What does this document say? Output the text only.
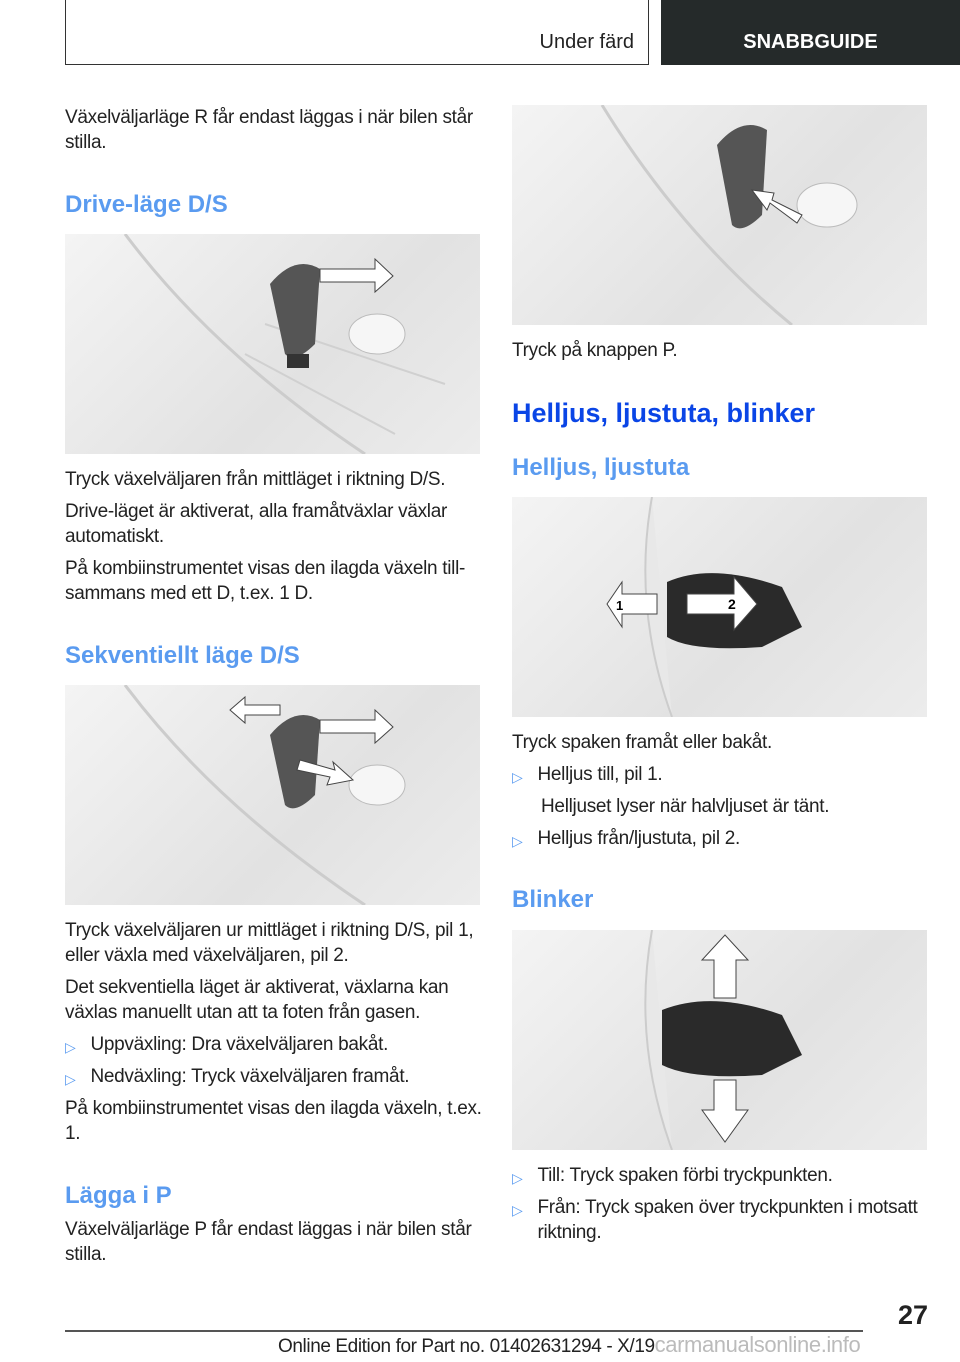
Under färd	SNABBGUIDE
Växelväljarläge R får endast läggas i när bilen står stilla.
Drive-läge D/S
Tryck växelväljaren från mittläget i riktning D/S.
Drive-läget är aktiverat, alla framåtväxlar växlar automatiskt.
På kombiinstrumentet visas den ilagda växeln tillsammans med ett D, t.ex. 1 D.
Sekventiellt läge D/S
Tryck växelväljaren ur mittläget i riktning D/S, pil 1, eller växla med växelväljaren, pil 2.
Det sekventiella läget är aktiverat, växlarna kan växlas manuellt utan att ta foten från gasen.
▷ Uppväxling: Dra växelväljaren bakåt.
▷ Nedväxling: Tryck växelväljaren framåt.
På kombiinstrumentet visas den ilagda växeln, t.ex. 1.
Lägga i P
Växelväljarläge P får endast läggas i när bilen står stilla.
Tryck på knappen P.
Helljus, ljustuta, blinker
Helljus, ljustuta
2
1
Tryck spaken framåt eller bakåt.
▷ Helljus till, pil 1.
Helljuset lyser när halvljuset är tänt.
▷ Helljus från/ljustuta, pil 2.
Blinker
▷ Till: Tryck spaken förbi tryckpunkten.
▷ Från: Tryck spaken över tryckpunkten i motsatt riktning.
27
Online Edition for Part no. 01402631294 - X/19carmanualsonline.info
